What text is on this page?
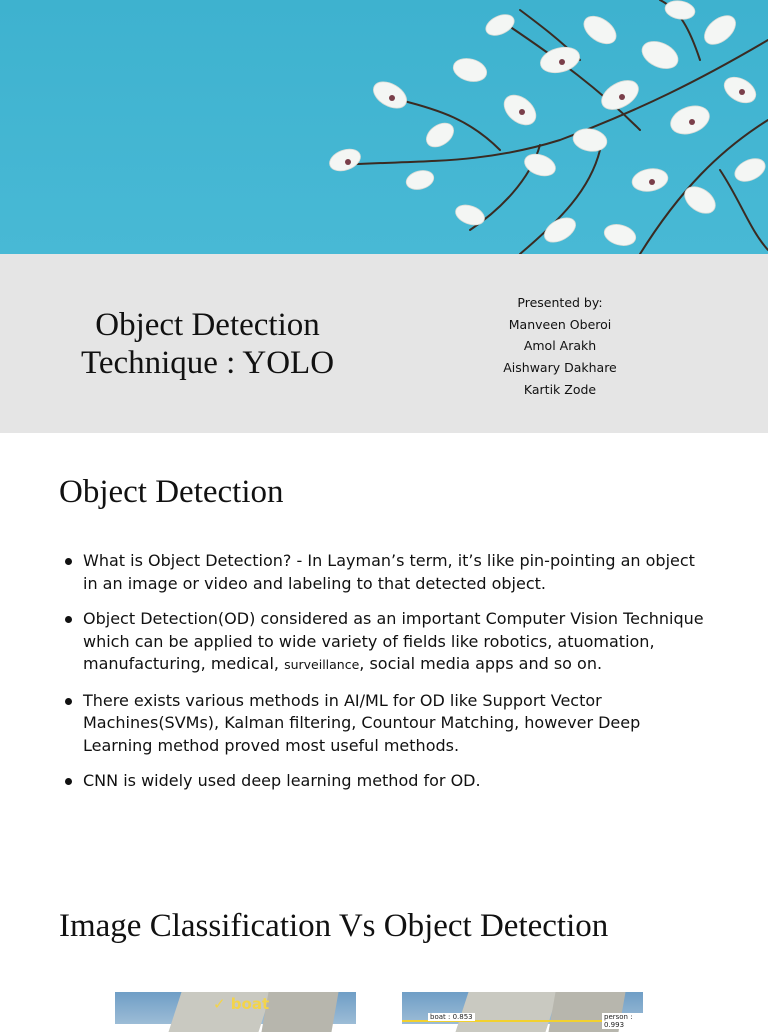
Object Detection
Technique : YOLO
Presented by:
Manveen Oberoi
Amol Arakh
Aishwary Dakhare
Kartik Zode
Object Detection
What is Object Detection? - In Layman’s term, it’s like pin-pointing an object in an image or video and labeling to that detected object.
Object Detection(OD) considered as an important Computer Vision Technique which can be applied to wide variety of fields like robotics, atuomation, manufacturing, medical, surveillance, social media apps and so on.
There exists various methods in AI/ML for OD like Support Vector Machines(SVMs), Kalman filtering, Countour Matching, however Deep Learning method proved most useful methods.
CNN is widely used deep learning method for OD.
Image Classification Vs Object Detection
✓ boat
boat : 0.853	person : 0.993
